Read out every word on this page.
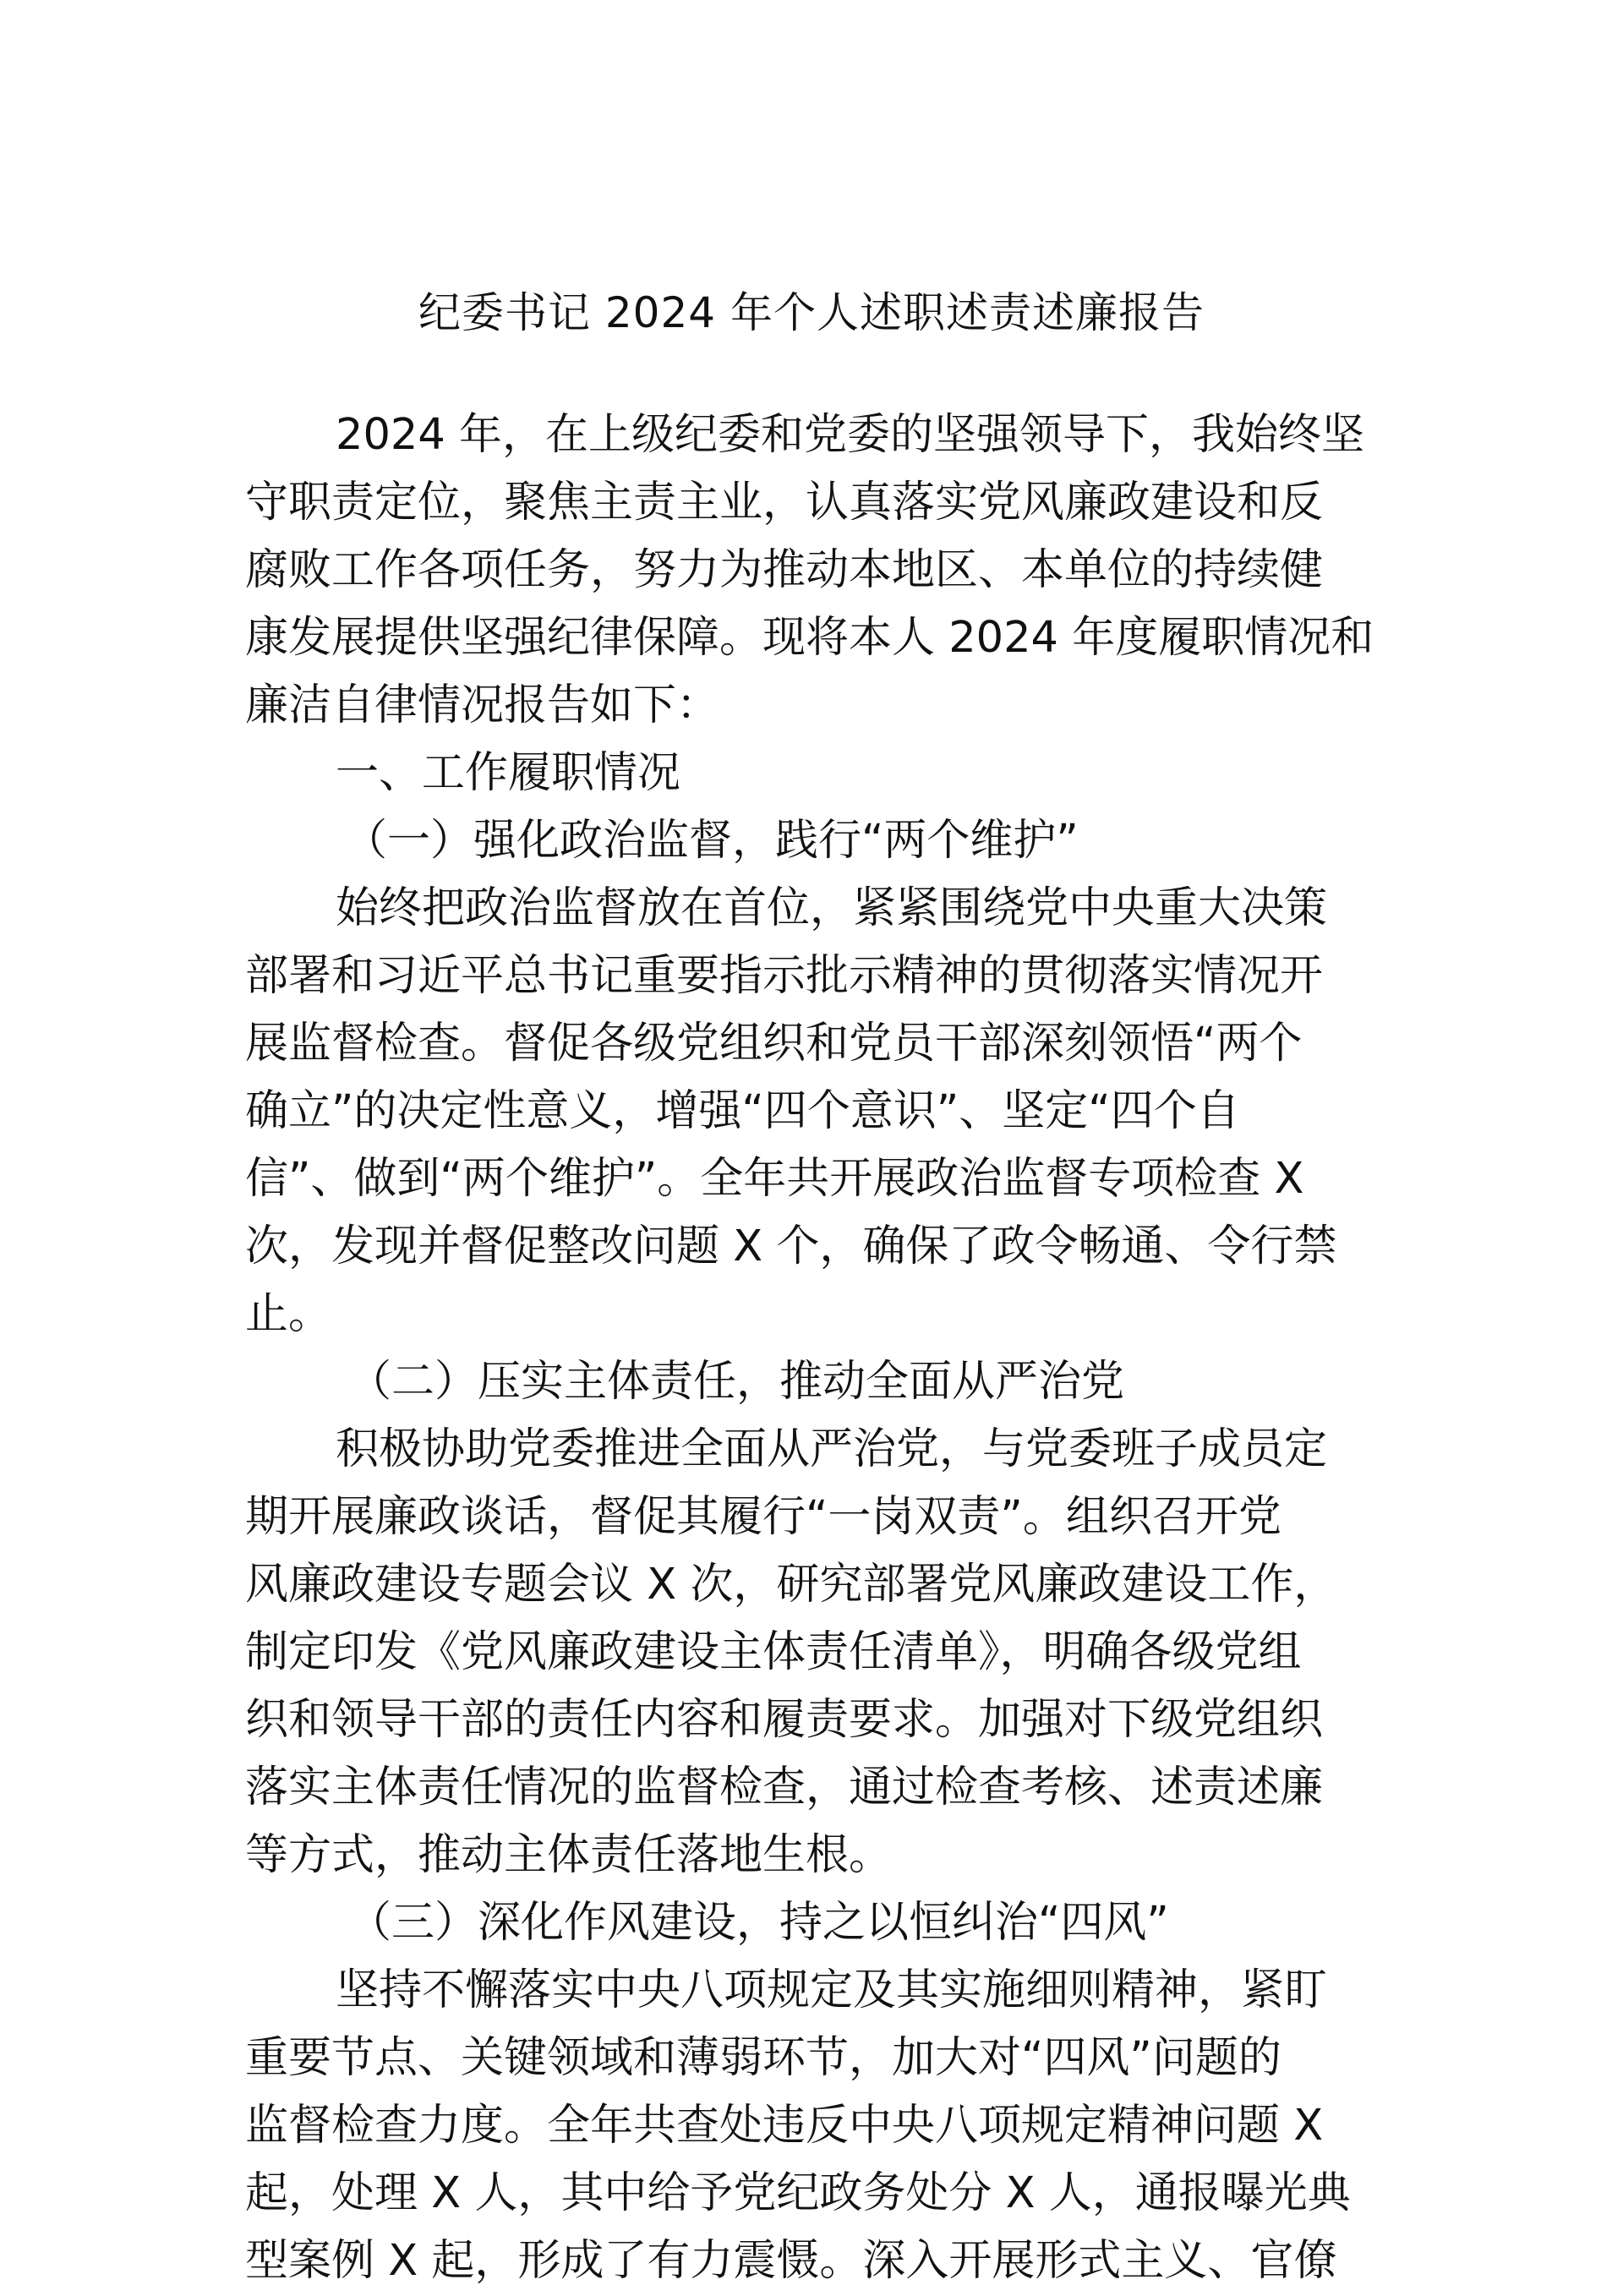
纪委书记 2024 年个人述职述责述廉报告
2024 年，在上级纪委和党委的坚强领导下，我始终坚
守职责定位，聚焦主责主业，认真落实党风廉政建设和反
腐败工作各项任务，努力为推动本地区、本单位的持续健
康发展提供坚强纪律保障。现将本人 2024 年度履职情况和
廉洁自律情况报告如下：
一、工作履职情况
（一）强化政治监督，践行“两个维护”
始终把政治监督放在首位，紧紧围绕党中央重大决策
部署和习近平总书记重要指示批示精神的贯彻落实情况开
展监督检查。督促各级党组织和党员干部深刻领悟“两个
确立”的决定性意义，增强“四个意识”、坚定“四个自
信”、做到“两个维护”。全年共开展政治监督专项检查 X
次，发现并督促整改问题 X 个，确保了政令畅通、令行禁
止。
（二）压实主体责任，推动全面从严治党
积极协助党委推进全面从严治党，与党委班子成员定
期开展廉政谈话，督促其履行“一岗双责”。组织召开党
风廉政建设专题会议 X 次，研究部署党风廉政建设工作，
制定印发《党风廉政建设主体责任清单》，明确各级党组
织和领导干部的责任内容和履责要求。加强对下级党组织
落实主体责任情况的监督检查，通过检查考核、述责述廉
等方式，推动主体责任落地生根。
（三）深化作风建设，持之以恒纠治“四风”
坚持不懈落实中央八项规定及其实施细则精神，紧盯
重要节点、关键领域和薄弱环节，加大对“四风”问题的
监督检查力度。全年共查处违反中央八项规定精神问题 X
起，处理 X 人，其中给予党纪政务处分 X 人，通报曝光典
型案例 X 起，形成了有力震慑。深入开展形式主义、官僚
